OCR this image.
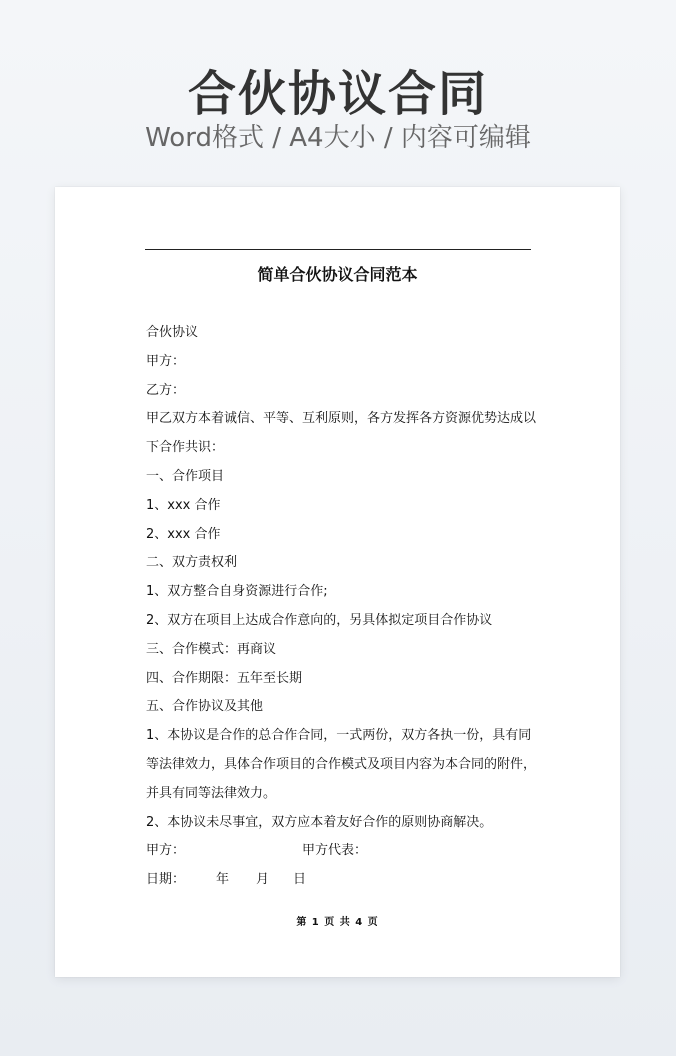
合伙协议合同
Word格式 / A4大小 / 内容可编辑
简单合伙协议合同范本
合伙协议
甲方：
乙方：
甲乙双方本着诚信、平等、互利原则，各方发挥各方资源优势达成以
下合作共识：
一、合作项目
1、xxx 合作
2、xxx 合作
二、双方责权利
1、双方整合自身资源进行合作;
2、双方在项目上达成合作意向的，另具体拟定项目合作协议
三、合作模式：再商议
四、合作期限：五年至长期
五、合作协议及其他
1、本协议是合作的总合作合同，一式两份，双方各执一份，具有同
等法律效力，具体合作项目的合作模式及项目内容为本合同的附件，
并具有同等法律效力。
2、本协议未尽事宜，双方应本着友好合作的原则协商解决。
甲方：	甲方代表：
日期： 年 月 日
第 1 页 共 4 页
